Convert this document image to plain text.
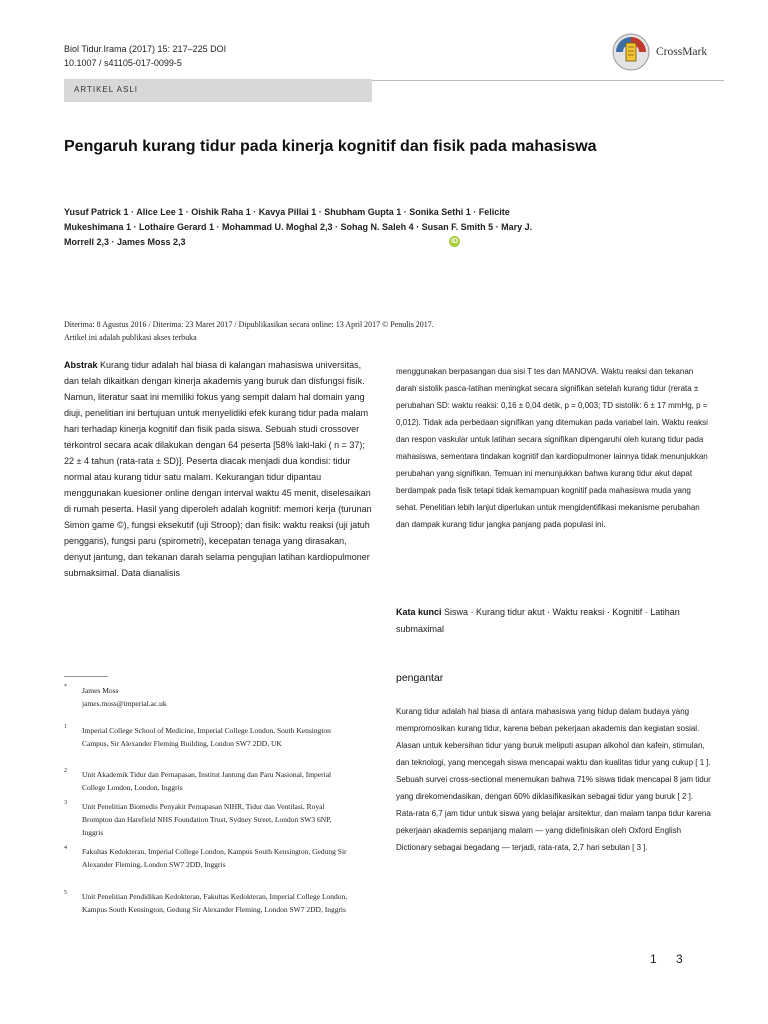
Biol Tidur.Irama (2017) 15: 217–225 DOI
10.1007 / s41105-017-0099-5
CrossMark
ARTIKEL ASLI
Pengaruh kurang tidur pada kinerja kognitif dan fisik pada mahasiswa
Yusuf Patrick 1 · Alice Lee 1 · Oishik Raha 1 · Kavya Pillai 1 · Shubham Gupta 1 · Sonika Sethi 1 · Felicite
Mukeshimana 1 · Lothaire Gerard 1 · Mohammad U. Moghal 2,3 · Sohag N. Saleh 4 · Susan F. Smith 5 · Mary J.
Morrell 2,3 · James Moss 2,3	iD
Diterima: 8 Agustus 2016 / Diterima: 23 Maret 2017 / Dipublikasikan secara online: 13 April 2017 © Penulis 2017. Artikel ini adalah publikasi akses terbuka
Abstrak Kurang tidur adalah hal biasa di kalangan mahasiswa universitas, dan telah dikaitkan dengan kinerja akademis yang buruk dan disfungsi fisik. Namun, literatur saat ini memiliki fokus yang sempit dalam hal domain yang diuji, penelitian ini bertujuan untuk menyelidiki efek kurang tidur pada malam hari terhadap kinerja kognitif dan fisik pada siswa. Sebuah studi crossover terkontrol secara acak dilakukan dengan 64 peserta [58% laki-laki ( n = 37); 22 ± 4 tahun (rata-rata ± SD)]. Peserta diacak menjadi dua kondisi: tidur normal atau kurang tidur satu malam. Kekurangan tidur dipantau menggunakan kuesioner online dengan interval waktu 45 menit, diselesaikan di rumah peserta. Hasil yang diperoleh adalah kognitif: memori kerja (turunan Simon game ©), fungsi eksekutif (uji Stroop); dan fisik: waktu reaksi (uji jatuh penggaris), fungsi paru (spirometri), kecepatan tenaga yang dirasakan, denyut jantung, dan tekanan darah selama pengujian latihan kardiopulmoner submaksimal. Data dianalisis
menggunakan berpasangan dua sisi T tes dan MANOVA. Waktu reaksi dan tekanan darah sistolik pasca-latihan meningkat secara signifikan setelah kurang tidur (rerata ± perubahan SD: waktu reaksi: 0,16 ± 0,04 detik, p = 0,003; TD sistolik: 6 ± 17 mmHg, p = 0,012). Tidak ada perbedaan signifikan yang ditemukan pada variabel lain. Waktu reaksi dan respon vaskular untuk latihan secara signifikan dipengaruhi oleh kurang tidur pada mahasiswa, sementara tindakan kognitif dan kardiopulmoner lainnya tidak menunjukkan perubahan yang signifikan. Temuan ini menunjukkan bahwa kurang tidur akut dapat berdampak pada fisik tetapi tidak kemampuan kognitif pada mahasiswa muda yang sehat. Penelitian lebih lanjut diperlukan untuk mengidentifikasi mekanisme perubahan dan dampak kurang tidur jangka panjang pada populasi ini.
Kata kunci Siswa · Kurang tidur akut · Waktu reaksi · Kognitif · Latihan submaximal
pengantar
Kurang tidur adalah hal biasa di antara mahasiswa yang hidup dalam budaya yang mempromosikan kurang tidur, karena beban pekerjaan akademis dan kegiatan sosial. Alasan untuk kebersihan tidur yang buruk meliputi asupan alkohol dan kafein, stimulan, dan teknologi, yang mencegah siswa mencapai waktu dan kualitas tidur yang cukup [ 1 ]. Sebuah survei cross-sectional menemukan bahwa 71% siswa tidak mencapai 8 jam tidur yang direkomendasikan, dengan 60% diklasifikasikan sebagai tidur yang buruk [ 2 ]. Rata-rata 6,7 jam tidur untuk siswa yang belajar arsitektur, dan malam tanpa tidur karena pekerjaan akademis sepanjang malam — yang didefinisikan oleh Oxford English Dictionary sebagai begadang — terjadi, rata-rata, 2,7 hari sebulan [ 3 ].
* James Moss
james.moss@imperial.ac.uk
1 Imperial College School of Medicine, Imperial College London, South Kensington Campus, Sir Alexander Fleming Building, London SW7 2DD, UK
2 Unit Akademik Tidur dan Pernapasan, Institut Jantung dan Paru Nasional, Imperial College London, London, Inggris
3 Unit Penelitian Biomedis Penyakit Pernapasan NIHR, Tidur dan Ventilasi, Royal Brompton dan Harefield NHS Foundation Trust, Sydney Street, London SW3 6NP, Inggris
4 Fakultas Kedokteran, Imperial College London, Kampus South Kensington, Gedung Sir Alexander Fleming, London SW7 2DD, Inggris
5 Unit Penelitian Pendidikan Kedokteran, Fakultas Kedokteran, Imperial College London, Kampus South Kensington, Gedung Sir Alexander Fleming, London SW7 2DD, Inggris
1 3
